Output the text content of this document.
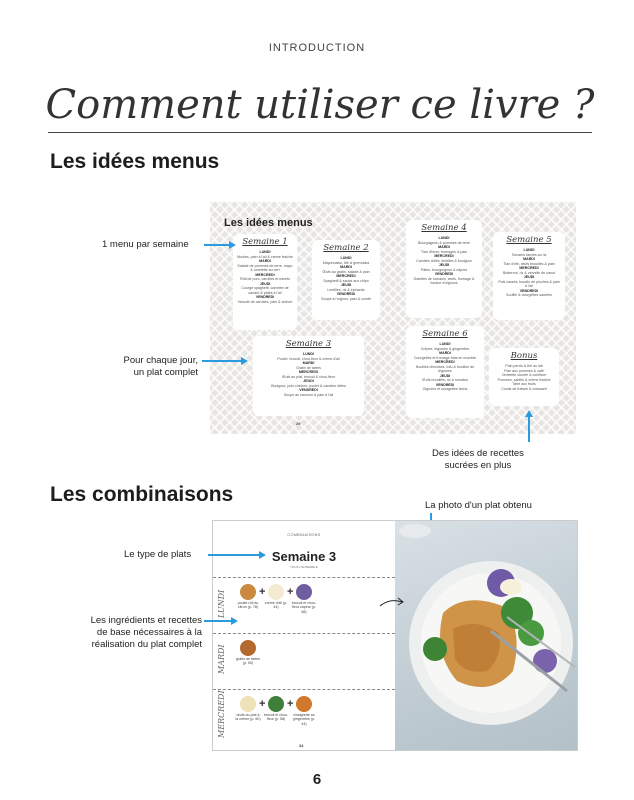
INTRODUCTION
Comment utiliser ce livre ?
Les idées menus
Les idées menus
Semaine 1
LUNDI
Moules, pain à l'ail & crème fraîche
MARDI
Salade de pommes de terre, mayo & omelette au vert
MERCREDI
Rôti de porc, carottes et navets
JEUDI
Courge spaghetti, carrelée de canard & pâtes à l'ail
VENDREDI
Velouté de carottes, pain & chèvre
Semaine 2
LUNDI
Mayonnaise, blé & gremolata
MARDI
Œufs au gratin, salade & pain
MERCREDI
Spaghetti & sauce aux chipo
JEUDI
Lentilles, riz & épinards
VENDREDI
Soupe à l'oignon, pain & comté
Semaine 3
LUNDI
Poulet, brocoli, chou-fleur & crème d'ail
MARDI
Gratin de tartes
MERCREDI
Œufs au plat, brocoli & chou-fleur
JEUDI
Boulgour, pois chiches, poulet & carottes rôties
VENDREDI
Soupe au saumon & pain à l'ail
Semaine 4
LUNDI
Bourguignon & pommes de terre
MARDI
Tian d'hiver, fromages & pain
MERCREDI
Carottes rôties, lentilles & boulgour
JEUDI
Pâtes, bourguignon & câpres
VENDREDI
Galettes de sarrasin, œufs, fromage & fondue d'oignons
Semaine 5
LUNDI
Tomates farcies au riz
MARDI
Tian d'été, œufs brouillés & pain
MERCREDI
Butternut, riz & cervelle de canut
JEUDI
Pois cassés, boudin de pluches & pain à l'ail
VENDREDI
Soufflé & courgettes sautées
Semaine 6
LUNDI
Crêpes, légumes & gingembre
MARDI
Courgettes et fromage frais en crumble
MERCREDI
Nouilles chinoises, tofu & bouillon de légumes
JEUDI
Œufs brouillés, riz & tomates
VENDREDI
Oignons et courgettes farcis
Bonus
Pain perdu & thé au lait
Flan aux pommes & café
Omelette sucrée & confiture
Pommes, sablés & crème fraîche
Tarte aux fruits
Coulis de fraises & croissant
29
1 menu par semaine
Pour chaque jour,
un plat complet
Des idées de recettes
sucrées en plus
Les combinaisons	La photo d'un plat obtenu
COMBINAISONS
Semaine 3
TOUS L'ENSEMBLE
LUNDI	poulet rôti au citron (p. 78)
+
crème d'ail (p. 44)
+
brocoli et chou-fleur vapeur (p. 58)
MARDI	gratin de tartes (p. 50)
MERCREDI	œufs au plat à la crème (p. 60)
+
brocoli et chou-fleur (p. 58)
+
vinaigrette au gingembre (p. 44)
34
Le type de plats
Les ingrédients et recettes
de base nécessaires à la
réalisation du plat complet
6
